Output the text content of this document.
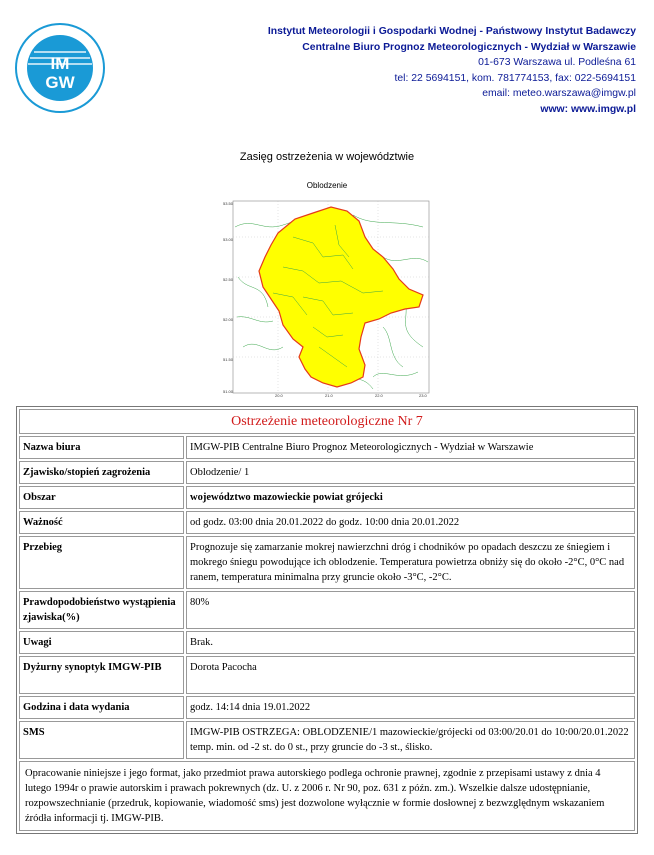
IM
GW
IMGW
Instytut Meteorologii i Gospodarki Wodnej - Państwowy Instytut Badawczy
Centralne Biuro Prognoz Meteorologicznych - Wydział w Warszawie
01-673 Warszawa ul. Podleśna 61
tel: 22 5694151, kom. 781774153, fax: 022-5694151
email: meteo.warszawa@imgw.pl
www: www.imgw.pl
Zasięg ostrzeżenia w województwie
Oblodzenie
53.50
53.00
52.50
52.00
51.50
51.00
20.0	21.0	22.0	23.0
Ostrzeżenie meteorologiczne Nr 7	
Nazwa biura	IMGW-PIB Centralne Biuro Prognoz Meteorologicznych - Wydział w Warszawie
Zjawisko/stopień zagrożenia	Oblodzenie/ 1
Obszar	województwo mazowieckie powiat grójecki
Ważność	od godz. 03:00 dnia 20.01.2022 do godz. 10:00 dnia 20.01.2022
Przebieg	Prognozuje się zamarzanie mokrej nawierzchni dróg i chodników po opadach deszczu ze śniegiem i mokrego śniegu powodujące ich oblodzenie. Temperatura powietrza obniży się do około -2°C, 0°C nad ranem, temperatura minimalna przy gruncie około -3°C, -2°C.
Prawdopodobieństwo wystąpienia zjawiska(%)	80%
Uwagi	Brak.
Dyżurny synoptyk IMGW-PIB	Dorota Pacocha
Godzina i data wydania	godz. 14:14 dnia 19.01.2022
SMS	IMGW-PIB OSTRZEGA: OBLODZENIE/1 mazowieckie/grójecki od 03:00/20.01 do 10:00/20.01.2022 temp. min. od -2 st. do 0 st., przy gruncie do -3 st., ślisko.
Opracowanie niniejsze i jego format, jako przedmiot prawa autorskiego podlega ochronie prawnej, zgodnie z przepisami ustawy z dnia 4 lutego 1994r o prawie autorskim i prawach pokrewnych (dz. U. z 2006 r. Nr 90, poz. 631 z późn. zm.). Wszelkie dalsze udostępnianie, rozpowszechnianie (przedruk, kopiowanie, wiadomość sms) jest dozwolone wyłącznie w formie dosłownej z bezwzględnym wskazaniem źródła informacji tj. IMGW-PIB.	
